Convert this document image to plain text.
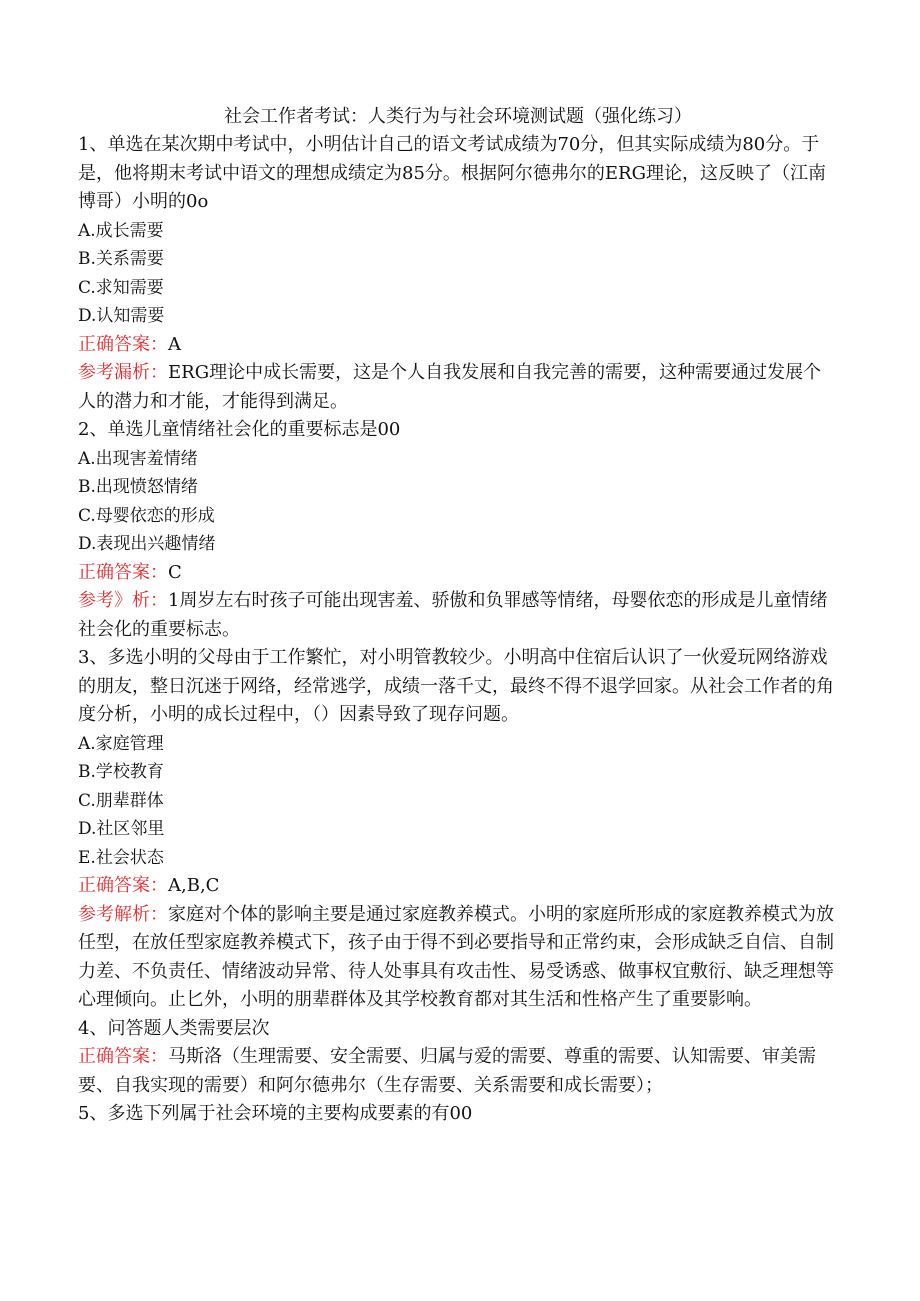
社会工作者考试：人类行为与社会环境测试题（强化练习）

1、单选在某次期中考试中，小明估计自己的语文考试成绩为70分，但其实际成绩为80分。于是，他将期末考试中语文的理想成绩定为85分。根据阿尔德弗尔的ERG理论，这反映了（江南博哥）小明的0o

A.成长需要

B.关系需要

C.求知需要

D.认知需要

正确答案：A

参考漏析：ERG理论中成长需要，这是个人自我发展和自我完善的需要，这种需要通过发展个人的潜力和才能，才能得到满足。

2、单选儿童情绪社会化的重要标志是00

A.出现害羞情绪

B.出现愤怒情绪

C.母婴依恋的形成

D.表现出兴趣情绪

正确答案：C

参考》析：1周岁左右时孩子可能出现害羞、骄傲和负罪感等情绪，母婴依恋的形成是儿童情绪社会化的重要标志。

3、多选小明的父母由于工作繁忙，对小明管教较少。小明高中住宿后认识了一伙爱玩网络游戏的朋友，整日沉迷于网络，经常逃学，成绩一落千丈，最终不得不退学回家。从社会工作者的角度分析，小明的成长过程中，（）因素导致了现存问题。

A.家庭管理

B.学校教育

C.朋辈群体

D.社区邻里

E.社会状态

正确答案：A,B,C

参考解析：家庭对个体的影响主要是通过家庭教养模式。小明的家庭所形成的家庭教养模式为放任型，在放任型家庭教养模式下，孩子由于得不到必要指导和正常约束，会形成缺乏自信、自制力差、不负责任、情绪波动异常、待人处事具有攻击性、易受诱惑、做事权宜敷衍、缺乏理想等心理倾向。止匕外，小明的朋辈群体及其学校教育都对其生活和性格产生了重要影响。

4、问答题人类需要层次

正确答案：马斯洛（生理需要、安全需要、归属与爱的需要、尊重的需要、认知需要、审美需要、自我实现的需要）和阿尔德弗尔（生存需要、关系需要和成长需要）；

5、多选下列属于社会环境的主要构成要素的有00
